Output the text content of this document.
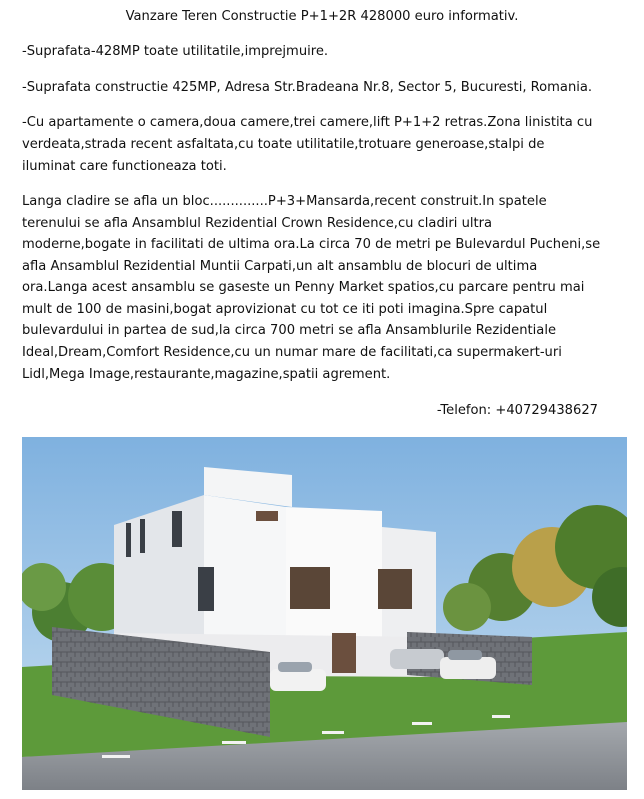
Vanzare Teren Constructie P+1+2R 428000 euro informativ.

-Suprafata-428MP toate utilitatile,imprejmuire.

-Suprafata constructie 425MP, Adresa Str.Bradeana Nr.8, Sector 5, Bucuresti, Romania.

-Cu apartamente o camera,doua camere,trei camere,lift P+1+2 retras.Zona linistita cu

verdeata,strada recent asfaltata,cu toate utilitatile,trotuare generoase,stalpi de

iluminat care functioneaza toti.

Langa cladire se afla un bloc..............P+3+Mansarda,recent construit.In spatele

terenului se afla Ansamblul Rezidential Crown Residence,cu cladiri ultra

moderne,bogate in facilitati de ultima ora.La circa 70 de metri pe Bulevardul Pucheni,se

afla Ansamblul Rezidential Muntii Carpati,un alt ansamblu de blocuri de ultima

ora.Langa acest ansamblu se gaseste un Penny Market spatios,cu parcare pentru mai

mult de 100 de masini,bogat aprovizionat cu tot ce iti poti imagina.Spre capatul

bulevardului in partea de sud,la circa 700 metri se afla Ansamblurile Rezidentiale

Ideal,Dream,Comfort Residence,cu un numar mare de facilitati,ca supermakert-uri

Lidl,Mega Image,restaurante,magazine,spatii agrement.

-Telefon: +40729438627
